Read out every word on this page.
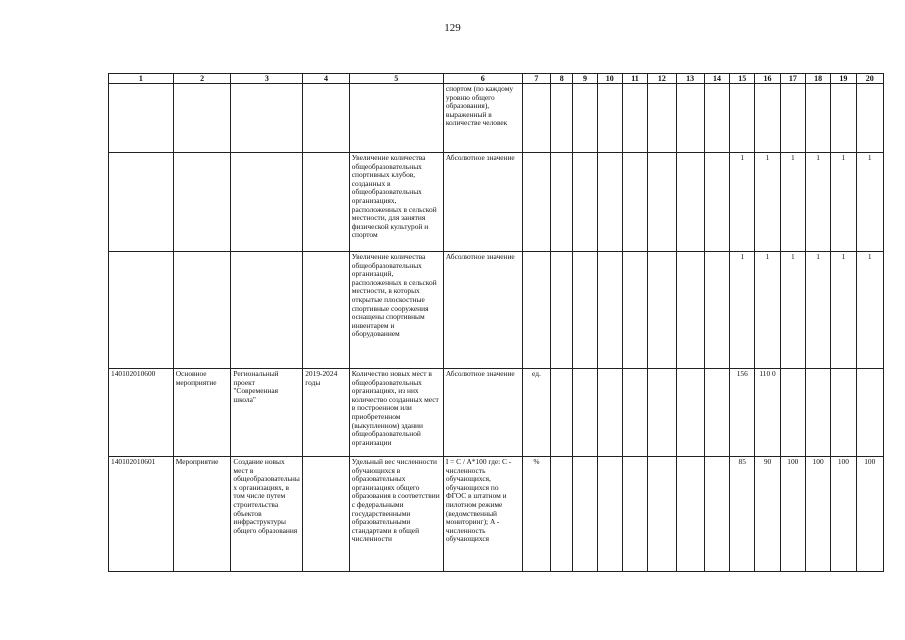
129
1	2	3	4	5	6	7	8	9	10	11	12	13	14	15	16	17	18	19	20
					спортом (по каждому уровню общего образования), выраженный в количестве человек														
				Увеличение количества общеобразовательных спортивных клубов, созданных в общеобразовательных организациях, расположенных в сельской местности, для занятия физической культурой и спортом	Абсолютное значение									1	1	1	1	1	1
				Увеличение количества общеобразовательных организаций, расположенных в сельской местности, в которых открытые плоскостные спортивные сооружения оснащены спортивным инвентарем и оборудованием	Абсолютное значение									1	1	1	1	1	1
140102010600	Основное мероприятие	Региональный проект "Современная школа"	2019-2024 годы	Количество новых мест в общеобразовательных организациях, из них количество созданных мест в построенном или приобретенном (выкупленном) здании общеобразовательной организации	Абсолютное значение	ед.								156	110 0				
140102010601	Мероприятие	Создание новых мест в общеобразовательных организациях, в том числе путем строительства объектов инфраструктуры общего образования		Удельный вес численности обучающихся в образовательных организациях общего образования в соответствии с федеральными государственными образовательными стандартами в общей численности	I = C / A*100 где: C - численность обучающихся, обучающихся по ФГОС в штатном и пилотном режиме (ведомственный мониторинг); A - численность обучающихся	%								85	90	100	100	100	100
